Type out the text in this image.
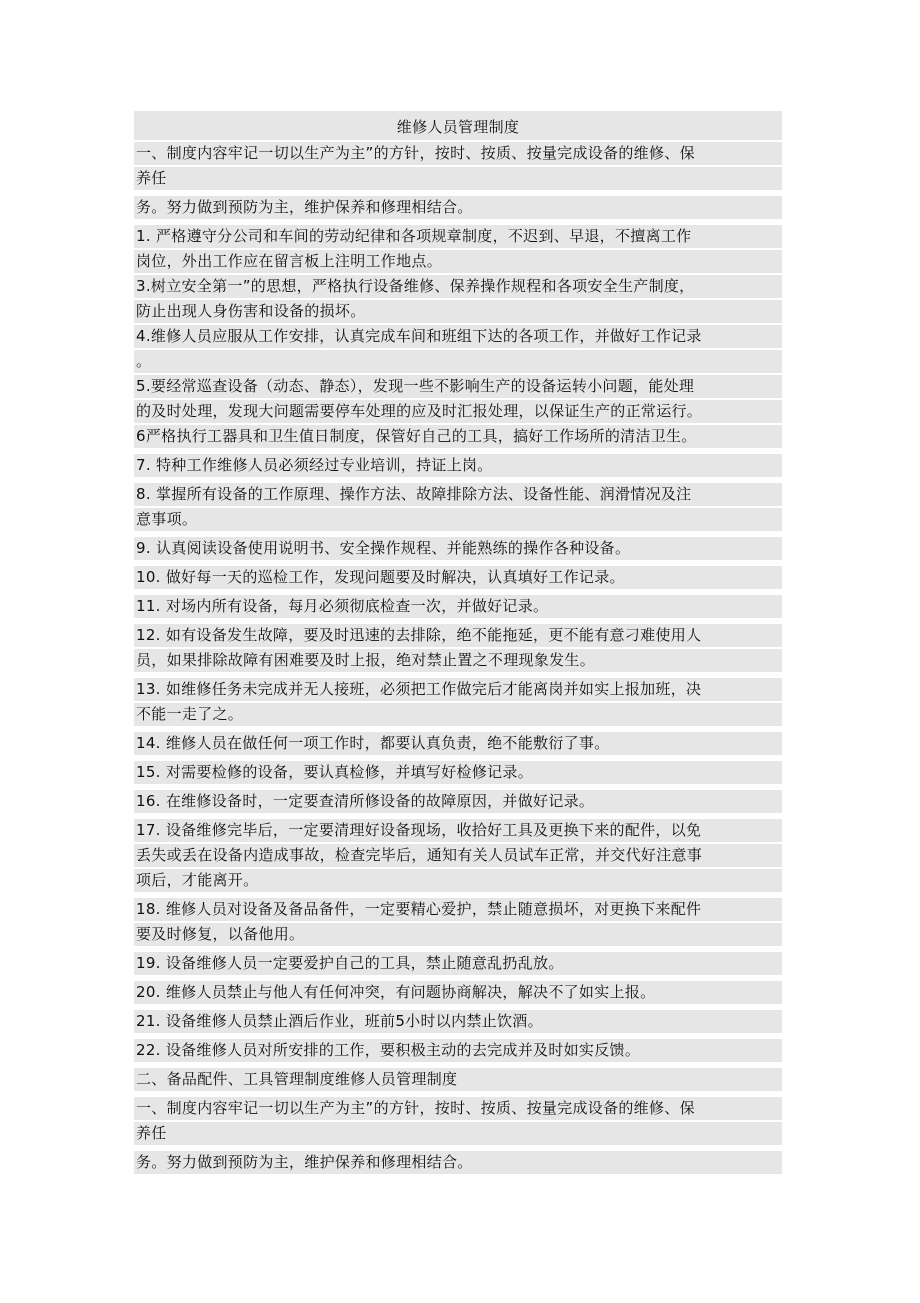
维修人员管理制度
一、制度内容牢记一切以生产为主”的方针，按时、按质、按量完成设备的维修、保
养任
务。努力做到预防为主，维护保养和修理相结合。
1. 严格遵守分公司和车间的劳动纪律和各项规章制度，不迟到、早退，不擅离工作
岗位，外出工作应在留言板上注明工作地点。
3.树立安全第一”的思想，严格执行设备维修、保养操作规程和各项安全生产制度，
防止出现人身伤害和设备的损坏。
4.维修人员应服从工作安排，认真完成车间和班组下达的各项工作，并做好工作记录
。
5.要经常巡查设备（动态、静态），发现一些不影响生产的设备运转小问题，能处理
的及时处理，发现大问题需要停车处理的应及时汇报处理，以保证生产的正常运行。
6严格执行工器具和卫生值日制度，保管好自己的工具，搞好工作场所的清洁卫生。
7. 特种工作维修人员必须经过专业培训，持证上岗。
8. 掌握所有设备的工作原理、操作方法、故障排除方法、设备性能、润滑情况及注
意事项。
9. 认真阅读设备使用说明书、安全操作规程、并能熟练的操作各种设备。
10. 做好每一天的巡检工作，发现问题要及时解决，认真填好工作记录。
11. 对场内所有设备，每月必须彻底检查一次，并做好记录。
12. 如有设备发生故障，要及时迅速的去排除，绝不能拖延，更不能有意刁难使用人
员，如果排除故障有困难要及时上报，绝对禁止置之不理现象发生。
13. 如维修任务未完成并无人接班，必须把工作做完后才能离岗并如实上报加班，决
不能一走了之。
14. 维修人员在做任何一项工作时，都要认真负责，绝不能敷衍了事。
15. 对需要检修的设备，要认真检修，并填写好检修记录。
16. 在维修设备时，一定要查清所修设备的故障原因，并做好记录。
17. 设备维修完毕后，一定要清理好设备现场，收拾好工具及更换下来的配件，以免
丢失或丢在设备内造成事故，检查完毕后，通知有关人员试车正常，并交代好注意事
项后，才能离开。
18. 维修人员对设备及备品备件，一定要精心爱护，禁止随意损坏，对更换下来配件
要及时修复，以备他用。
19. 设备维修人员一定要爱护自己的工具，禁止随意乱扔乱放。
20. 维修人员禁止与他人有任何冲突，有问题协商解决，解决不了如实上报。
21. 设备维修人员禁止酒后作业，班前5小时以内禁止饮酒。
22. 设备维修人员对所安排的工作，要积极主动的去完成并及时如实反馈。
二、备品配件、工具管理制度维修人员管理制度
一、制度内容牢记一切以生产为主”的方针，按时、按质、按量完成设备的维修、保
养任
务。努力做到预防为主，维护保养和修理相结合。
